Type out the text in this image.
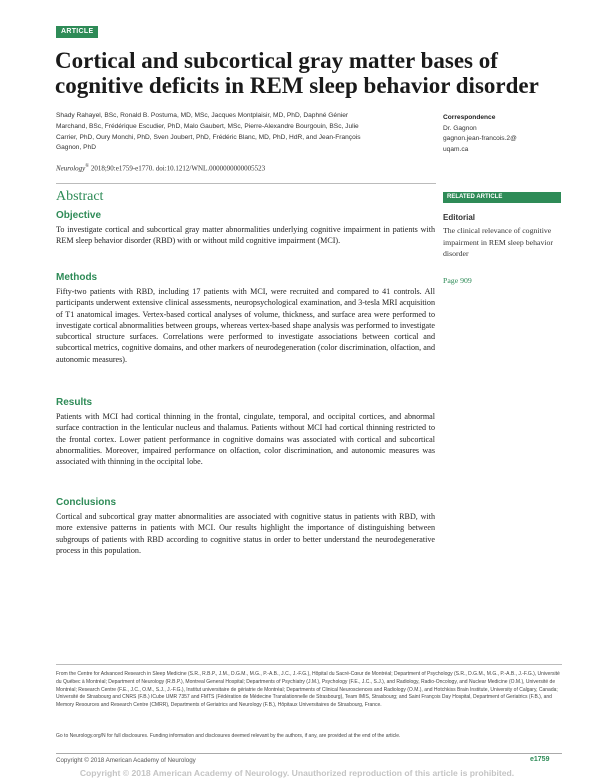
ARTICLE
Cortical and subcortical gray matter bases of cognitive deficits in REM sleep behavior disorder
Shady Rahayel, BSc, Ronald B. Postuma, MD, MSc, Jacques Montplaisir, MD, PhD, Daphné Génier Marchand, BSc, Frédérique Escudier, PhD, Malo Gaubert, MSc, Pierre-Alexandre Bourgouin, BSc, Julie Carrier, PhD, Oury Monchi, PhD, Sven Joubert, PhD, Frédéric Blanc, MD, PhD, HdR, and Jean-François Gagnon, PhD
Neurology® 2018;90:e1759-e1770. doi:10.1212/WNL.0000000000005523
Correspondence
Dr. Gagnon
gagnon.jean-francois.2@
uqam.ca
Abstract
Objective
To investigate cortical and subcortical gray matter abnormalities underlying cognitive impairment in patients with REM sleep behavior disorder (RBD) with or without mild cognitive impairment (MCI).
Methods
Fifty-two patients with RBD, including 17 patients with MCI, were recruited and compared to 41 controls. All participants underwent extensive clinical assessments, neuropsychological examination, and 3-tesla MRI acquisition of T1 anatomical images. Vertex-based cortical analyses of volume, thickness, and surface area were performed to investigate cortical abnormalities between groups, whereas vertex-based shape analysis was performed to investigate subcortical structure surfaces. Correlations were performed to investigate associations between cortical and subcortical metrics, cognitive domains, and other markers of neurodegeneration (color discrimination, olfaction, and autonomic measures).
Results
Patients with MCI had cortical thinning in the frontal, cingulate, temporal, and occipital cortices, and abnormal surface contraction in the lenticular nucleus and thalamus. Patients without MCI had cortical thinning restricted to the frontal cortex. Lower patient performance in cognitive domains was associated with cortical and subcortical abnormalities. Moreover, impaired performance on olfaction, color discrimination, and autonomic measures was associated with thinning in the occipital lobe.
Conclusions
Cortical and subcortical gray matter abnormalities are associated with cognitive status in patients with RBD, with more extensive patterns in patients with MCI. Our results highlight the importance of distinguishing between subgroups of patients with RBD according to cognitive status in order to better understand the neurodegenerative process in this population.
RELATED ARTICLE
Editorial
The clinical relevance of cognitive impairment in REM sleep behavior disorder
Page 909
From the Centre for Advanced Research in Sleep Medicine (S.R., R.B.P., J.M., D.G.M., M.G., P.-A.B., J.C., J.-F.G.), Hôpital du Sacré-Cœur de Montréal; Department of Psychology (S.R., D.G.M., M.G., P.-A.B., J.-F.G.), Université du Québec à Montréal; Department of Neurology (R.B.P.), Montreal General Hospital; Departments of Psychiatry (J.M.), Psychology (F.E., J.C., S.J.), and Radiology, Radio-Oncology, and Nuclear Medicine (O.M.), Université de Montréal; Research Centre (F.E., J.C., O.M., S.J., J.-F.G.), Institut universitaire de gériatrie de Montréal; Departments of Clinical Neurosciences and Radiology (O.M.), and Hotchkiss Brain Institute, University of Calgary, Canada; Université de Strasbourg and CNRS (F.B.) ICube UMR 7357 and FMTS (Fédération de Médecine Translationnelle de Strasbourg), Team IMIS, Strasbourg; and Saint François Day Hospital, Department of Geriatrics (F.B.), and Memory Resources and Research Centre (CMRR), Departments of Geriatrics and Neurology (F.B.), Hôpitaux Universitaires de Strasbourg, France.
Go to Neurology.org/N for full disclosures. Funding information and disclosures deemed relevant by the authors, if any, are provided at the end of the article.
Copyright © 2018 American Academy of Neurology	e1759
Copyright © 2018 American Academy of Neurology. Unauthorized reproduction of this article is prohibited.
